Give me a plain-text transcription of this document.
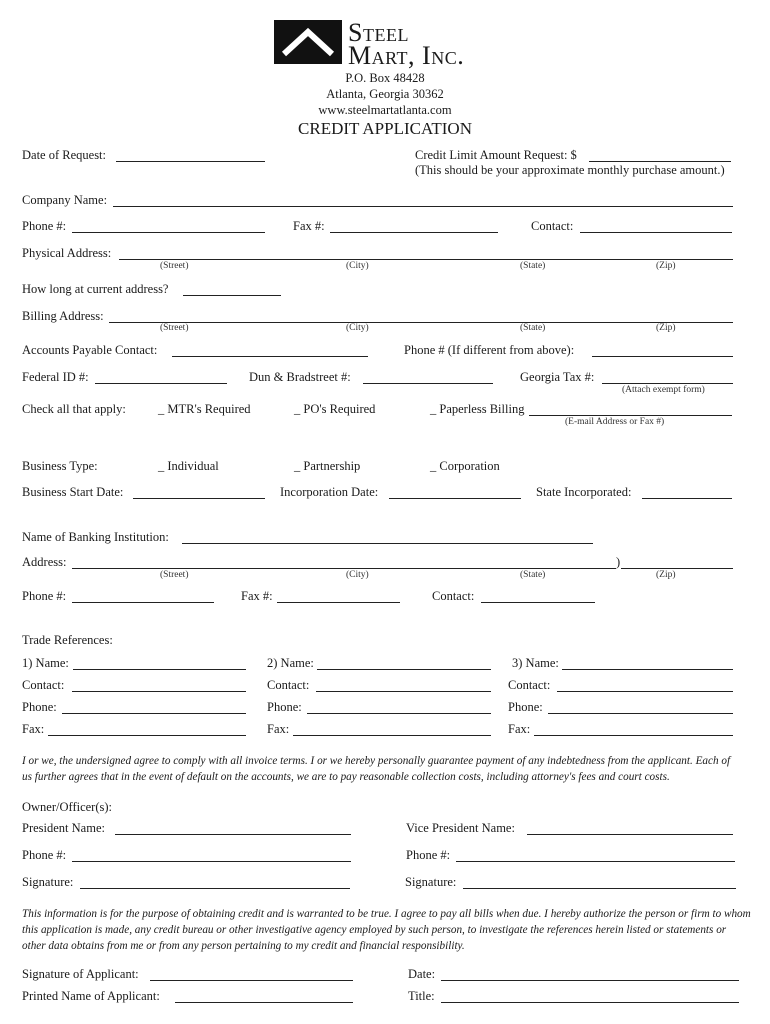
Steel
Mart, Inc.
P.O. Box 48428
Atlanta, Georgia 30362
www.steelmartatlanta.com
CREDIT APPLICATION
Date of Request:	Credit Limit Amount Request: $
(This should be your approximate monthly purchase amount.)
Company Name:
Phone #:	Fax #:	Contact:
Physical Address:
(Street)	(City)	(State)	(Zip)
How long at current address?
Billing Address:
(Street)	(City)	(State)	(Zip)
Accounts Payable Contact:	Phone # (If different from above):
Federal ID #:	Dun & Bradstreet #:	Georgia Tax #:
(Attach exempt form)
Check all that apply:	_ MTR's Required	_ PO's Required	_ Paperless Billing
(E-mail Address or Fax #)
Business Type:	_ Individual	_ Partnership	_ Corporation
Business Start Date:	Incorporation Date:	State Incorporated:
Name of Banking Institution:
Address:	)
(Street)	(City)	(State)	(Zip)
Phone #:	Fax #:	Contact:
Trade References:
1) Name:	2) Name:	3) Name:
Contact:	Contact:	Contact:
Phone:	Phone:	Phone:
Fax:	Fax:	Fax:
I or we, the undersigned agree to comply with all invoice terms. I or we hereby personally guarantee payment of any indebtedness from the applicant. Each of us further agrees that in the event of default on the accounts, we are to pay reasonable collection costs, including attorney's fees and court costs.
Owner/Officer(s):
President Name:	Vice President Name:
Phone #:	Phone #:
Signature:	Signature:
This information is for the purpose of obtaining credit and is warranted to be true. I agree to pay all bills when due. I hereby authorize the person or firm to whom this application is made, any credit bureau or other investigative agency employed by such person, to investigate the references herein listed or statements or other data obtains from me or from any person pertaining to my credit and financial responsibility.
Signature of Applicant:	Date:
Printed Name of Applicant:	Title:
